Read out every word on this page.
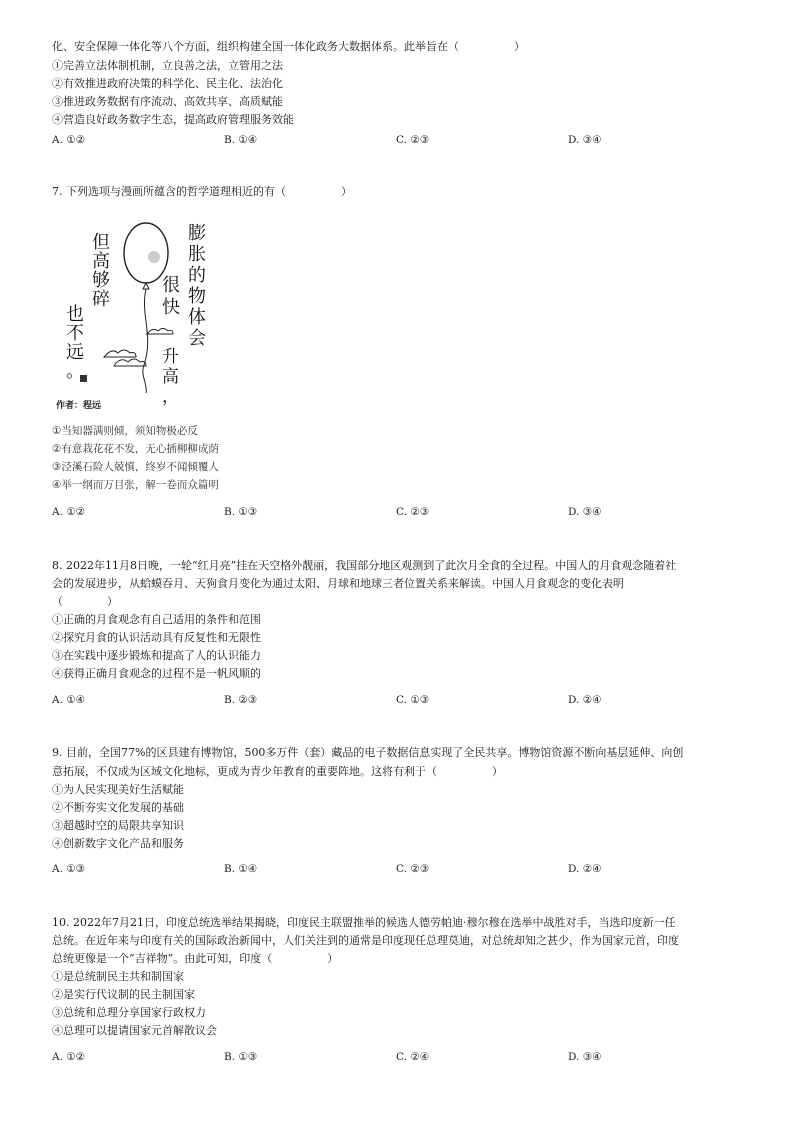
化、安全保障一体化等八个方面，组织构建全国一体化政务大数据体系。此举旨在（　　　　　）
①完善立法体制机制，立良善之法，立管用之法
②有效推进政府决策的科学化、民主化、法治化
③推进政务数据有序流动、高效共享、高质赋能
④营造良好政务数字生态，提高政府管理服务效能
A. ①②	B. ①④	C. ②③	D. ③④
7. 下列选项与漫画所蕴含的哲学道理相近的有（　　　　　）
但
高
够
碎
也
不
远
。
膨
胀
的
物
体
会
很
快
升
高
，
作者：程远
①当知器满则倾，须知物极必反
②有意栽花花不发，无心插柳柳成荫
③泾溪石险人兢慎，终岁不闻倾覆人
④举一纲而万目张，解一卷而众篇明
A. ①②	B. ①③	C. ②③	D. ③④
8. 2022年11月8日晚，一轮“红月亮”挂在天空格外靓丽，我国部分地区观测到了此次月全食的全过程。中国人的月食观念随着社
会的发展进步，从蛤蟆吞月、天狗食月变化为通过太阳、月球和地球三者位置关系来解读。中国人月食观念的变化表明
（　　　　）
①正确的月食观念有自己适用的条件和范围
②探究月食的认识活动具有反复性和无限性
③在实践中逐步锻炼和提高了人的认识能力
④获得正确月食观念的过程不是一帆风顺的
A. ①④	B. ②③	C. ①③	D. ②④
9. 目前，全国77%的区县建有博物馆，500多万件（套）藏品的电子数据信息实现了全民共享。博物馆资源不断向基层延伸、向创
意拓展，不仅成为区域文化地标，更成为青少年教育的重要阵地。这将有利于（　　　　　）
①为人民实现美好生活赋能
②不断夯实文化发展的基础
③超越时空的局限共享知识
④创新数字文化产品和服务
A. ①③	B. ①④	C. ②③	D. ②④
10. 2022年7月21日，印度总统选举结果揭晓，印度民主联盟推举的候选人德劳帕迪·穆尔穆在选举中战胜对手，当选印度新一任
总统。在近年来与印度有关的国际政治新闻中，人们关注到的通常是印度现任总理莫迪，对总统却知之甚少，作为国家元首，印度
总统更像是一个“吉祥物”。由此可知，印度（　　　　　）
①是总统制民主共和制国家
②是实行代议制的民主制国家
③总统和总理分享国家行政权力
④总理可以提请国家元首解散议会
A. ①②	B. ①③	C. ②④	D. ③④
